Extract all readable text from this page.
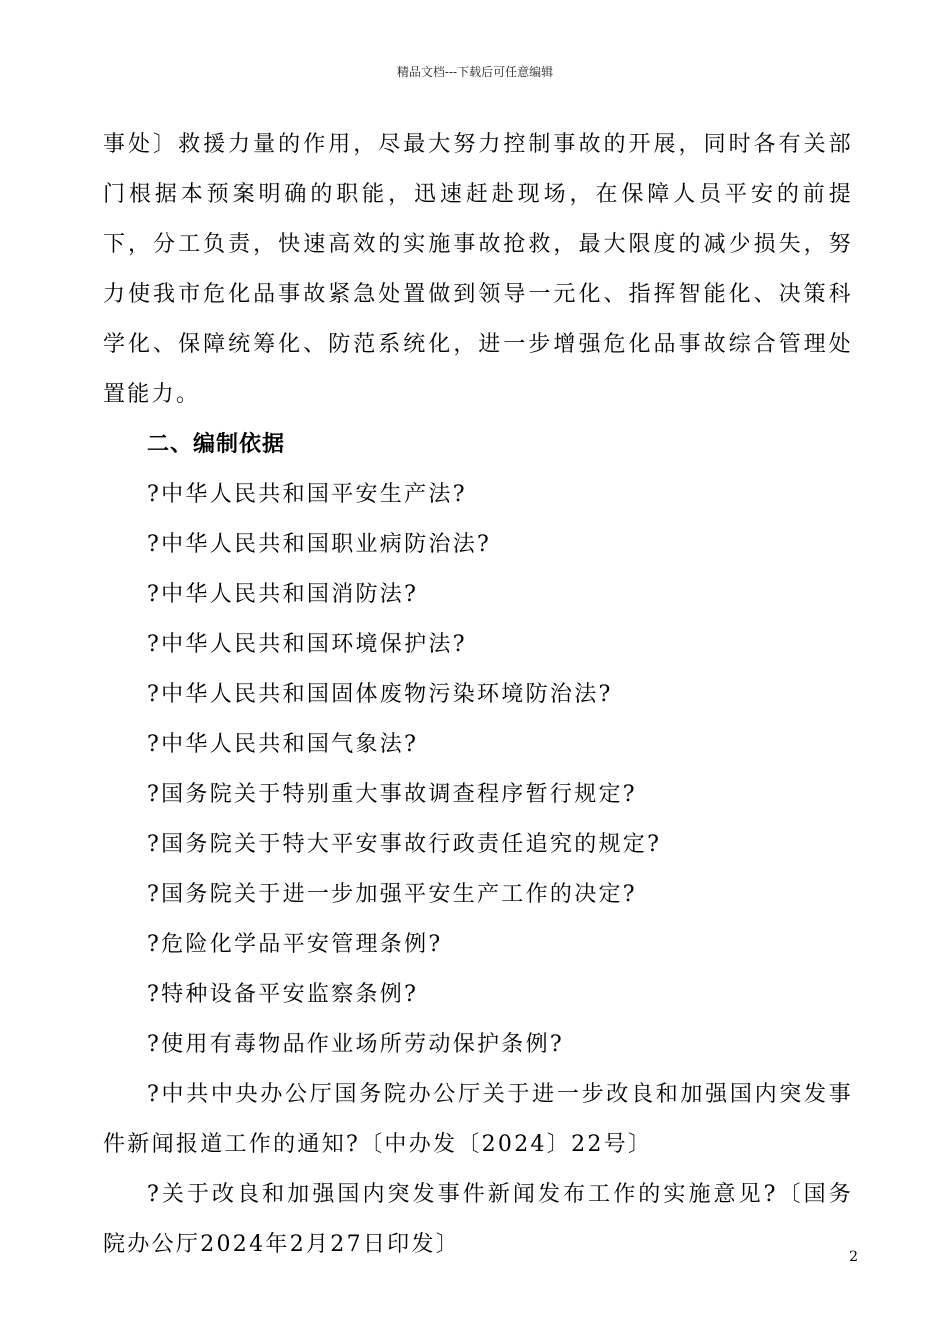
精品文档---下载后可任意编辑

事处〕救援力量的作用，尽最大努力控制事故的开展，同时各有关部门根据本预案明确的职能，迅速赶赴现场，在保障人员平安的前提下，分工负责，快速高效的实施事故抢救，最大限度的减少损失，努力使我市危化品事故紧急处置做到领导一元化、指挥智能化、决策科学化、保障统筹化、防范系统化，进一步增强危化品事故综合管理处置能力。

二、编制依据

?中华人民共和国平安生产法?

?中华人民共和国职业病防治法?

?中华人民共和国消防法?

?中华人民共和国环境保护法?

?中华人民共和国固体废物污染环境防治法?

?中华人民共和国气象法?

?国务院关于特别重大事故调查程序暂行规定?

?国务院关于特大平安事故行政责任追究的规定?

?国务院关于进一步加强平安生产工作的决定?

?危险化学品平安管理条例?

?特种设备平安监察条例?

?使用有毒物品作业场所劳动保护条例?

?中共中央办公厅国务院办公厅关于进一步改良和加强国内突发事件新闻报道工作的通知?〔中办发〔2024〕22号〕

?关于改良和加强国内突发事件新闻发布工作的实施意见?〔国务院办公厅2024年2月27日印发〕	2
